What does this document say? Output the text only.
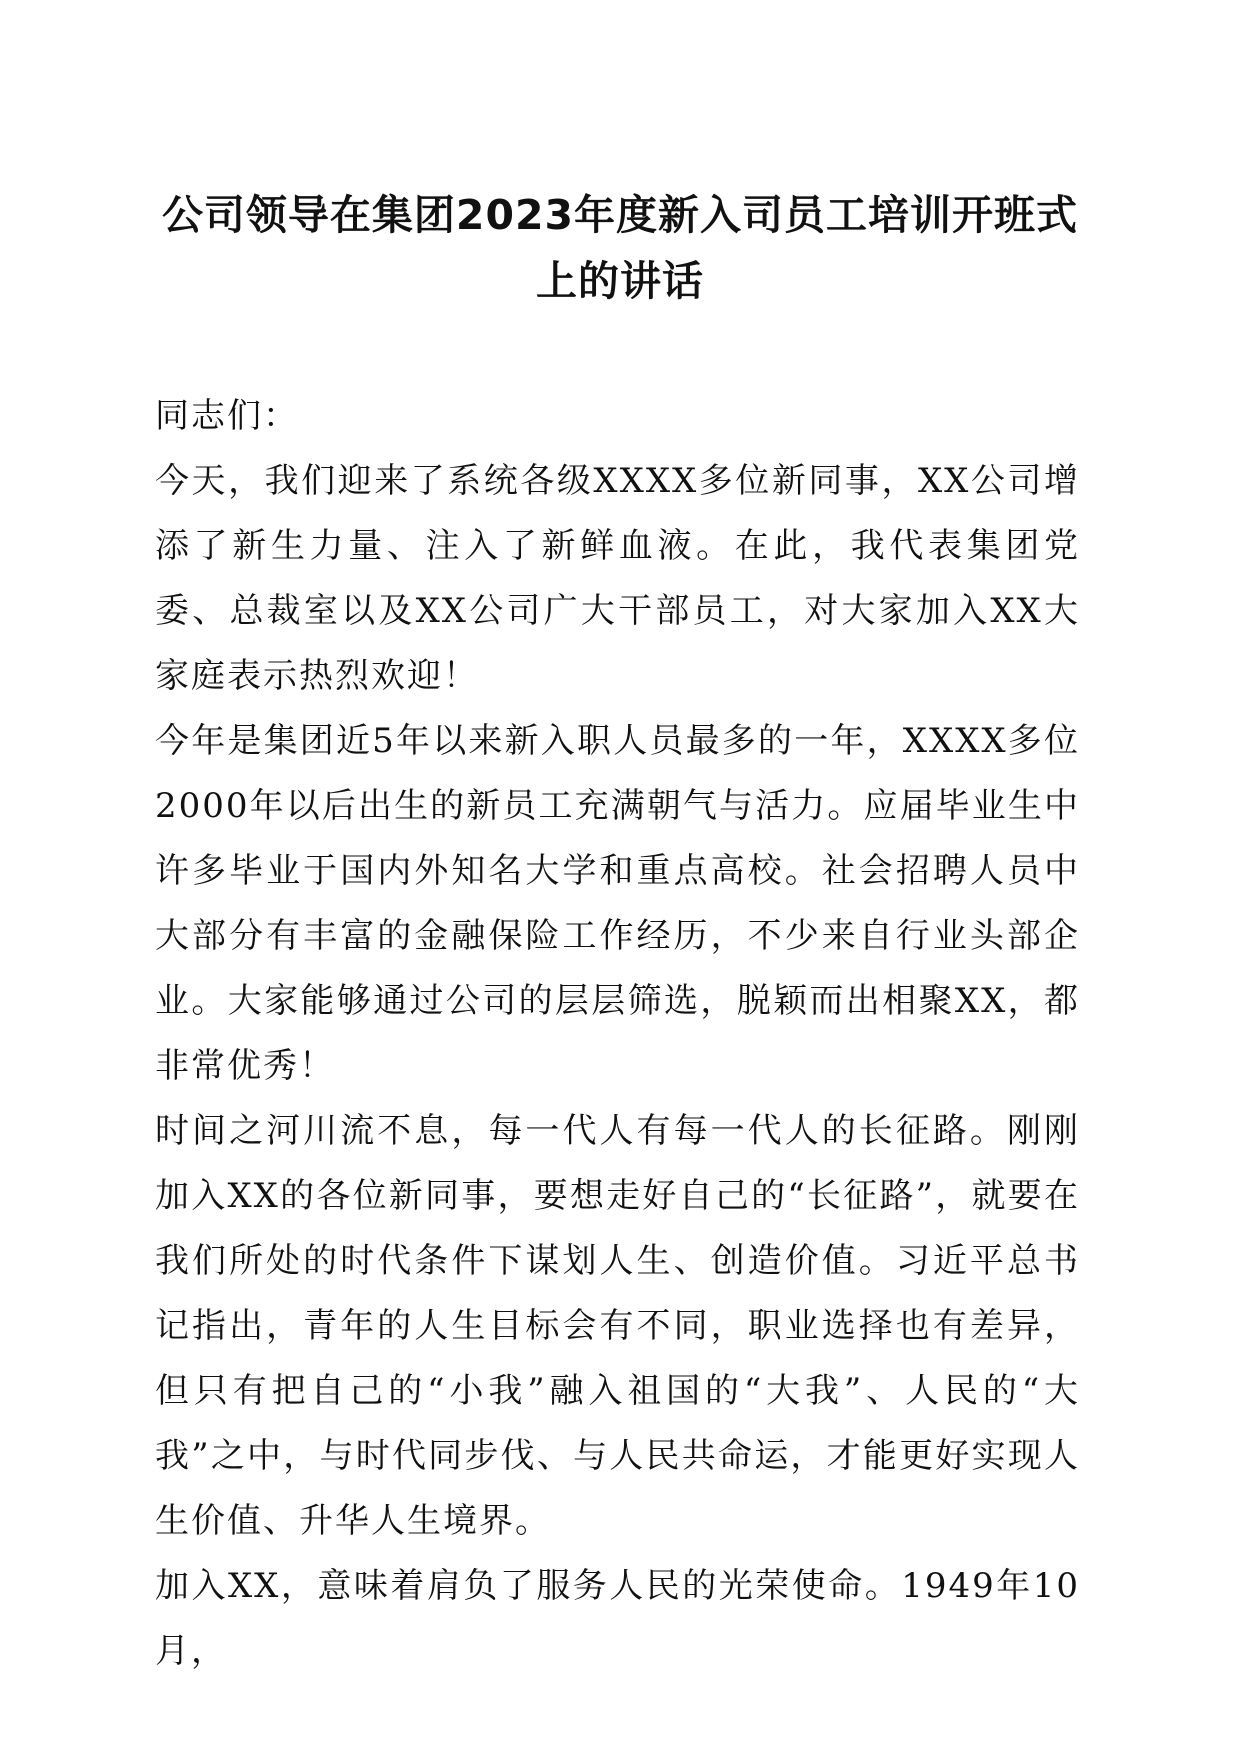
公司领导在集团2023年度新入司员工培训开班式上的讲话

同志们：

今天，我们迎来了系统各级XXXX多位新同事，XX公司增添了新生力量、注入了新鲜血液。在此，我代表集团党委、总裁室以及XX公司广大干部员工，对大家加入XX大家庭表示热烈欢迎！

今年是集团近5年以来新入职人员最多的一年，XXXX多位2000年以后出生的新员工充满朝气与活力。应届毕业生中许多毕业于国内外知名大学和重点高校。社会招聘人员中大部分有丰富的金融保险工作经历，不少来自行业头部企业。大家能够通过公司的层层筛选，脱颖而出相聚XX，都非常优秀！

时间之河川流不息，每一代人有每一代人的长征路。刚刚加入XX的各位新同事，要想走好自己的“长征路”，就要在我们所处的时代条件下谋划人生、创造价值。习近平总书记指出，青年的人生目标会有不同，职业选择也有差异，但只有把自己的“小我”融入祖国的“大我”、人民的“大我”之中，与时代同步伐、与人民共命运，才能更好实现人生价值、升华人生境界。

加入XX，意味着肩负了服务人民的光荣使命。1949年10月，
